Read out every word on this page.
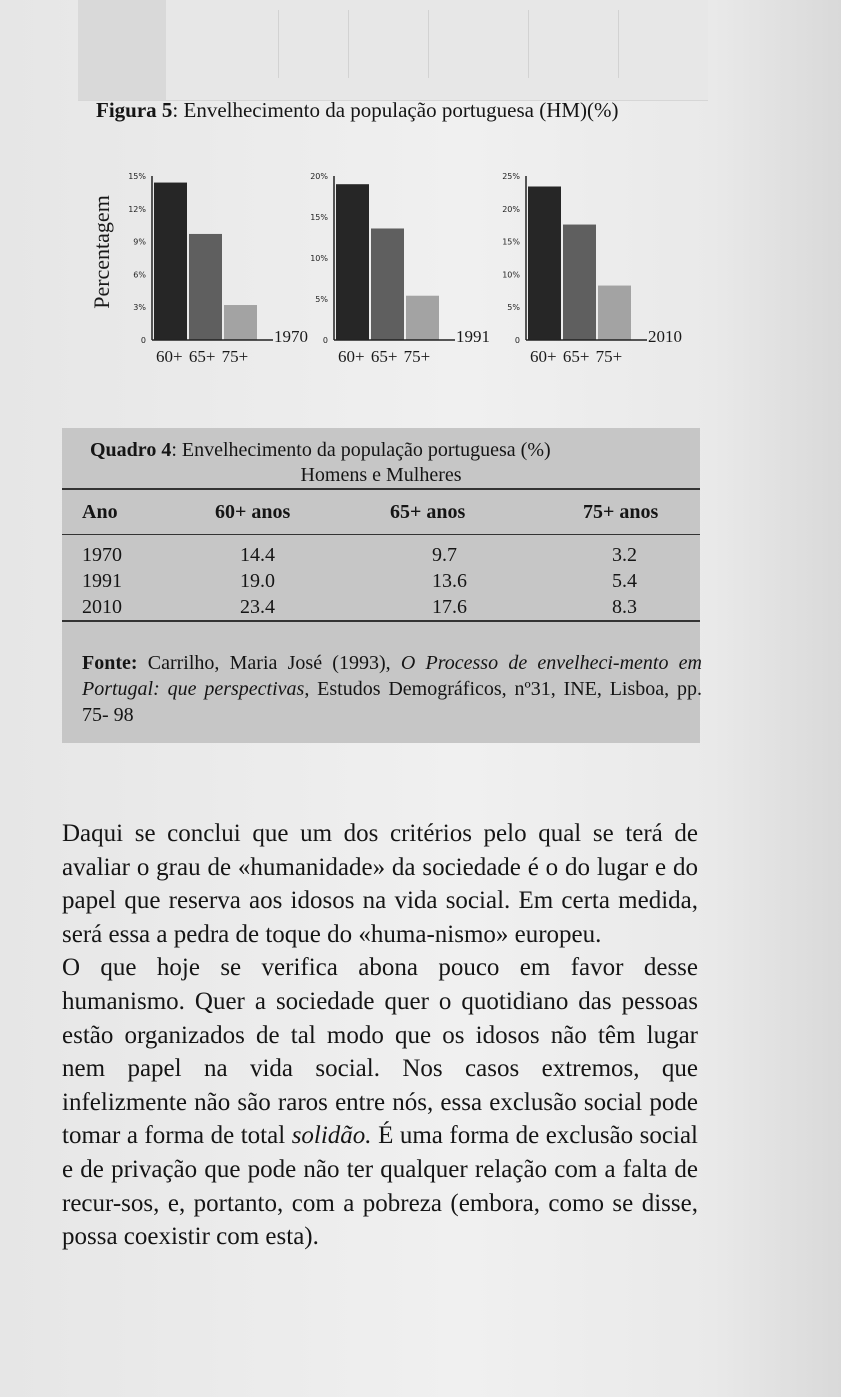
Figura 5: Envelhecimento da população portuguesa (HM)(%)
Percentagem
0
3%
6%
9%
12%
15%
1970
60+ 65+ 75+
0
5%
10%
15%
20%
1991
60+ 65+ 75+
0
5%
10%
15%
20%
25%
2010
60+ 65+ 75+
Quadro 4: Envelhecimento da população portuguesa (%)
Homens e Mulheres
Ano	60+ anos	65+ anos	75+ anos
1970	14.4	9.7	3.2
1991	19.0	13.6	5.4
2010	23.4	17.6	8.3
Fonte: Carrilho, Maria José (1993), O Processo de envelheci-mento em Portugal: que perspectivas, Estudos Demográficos, nº31, INE, Lisboa, pp. 75- 98

Daqui se conclui que um dos critérios pelo qual se terá de avaliar o grau de «humanidade» da sociedade é o do lugar e do papel que reserva aos idosos na vida social. Em certa medida, será essa a pedra de toque do «huma-nismo» europeu.

O que hoje se verifica abona pouco em favor desse humanismo. Quer a sociedade quer o quotidiano das pessoas estão organizados de tal modo que os idosos não têm lugar nem papel na vida social. Nos casos extremos, que infelizmente não são raros entre nós, essa exclusão social pode tomar a forma de total solidão. É uma forma de exclusão social e de privação que pode não ter qualquer relação com a falta de recur-sos, e, portanto, com a pobreza (embora, como se disse, possa coexistir com esta).
